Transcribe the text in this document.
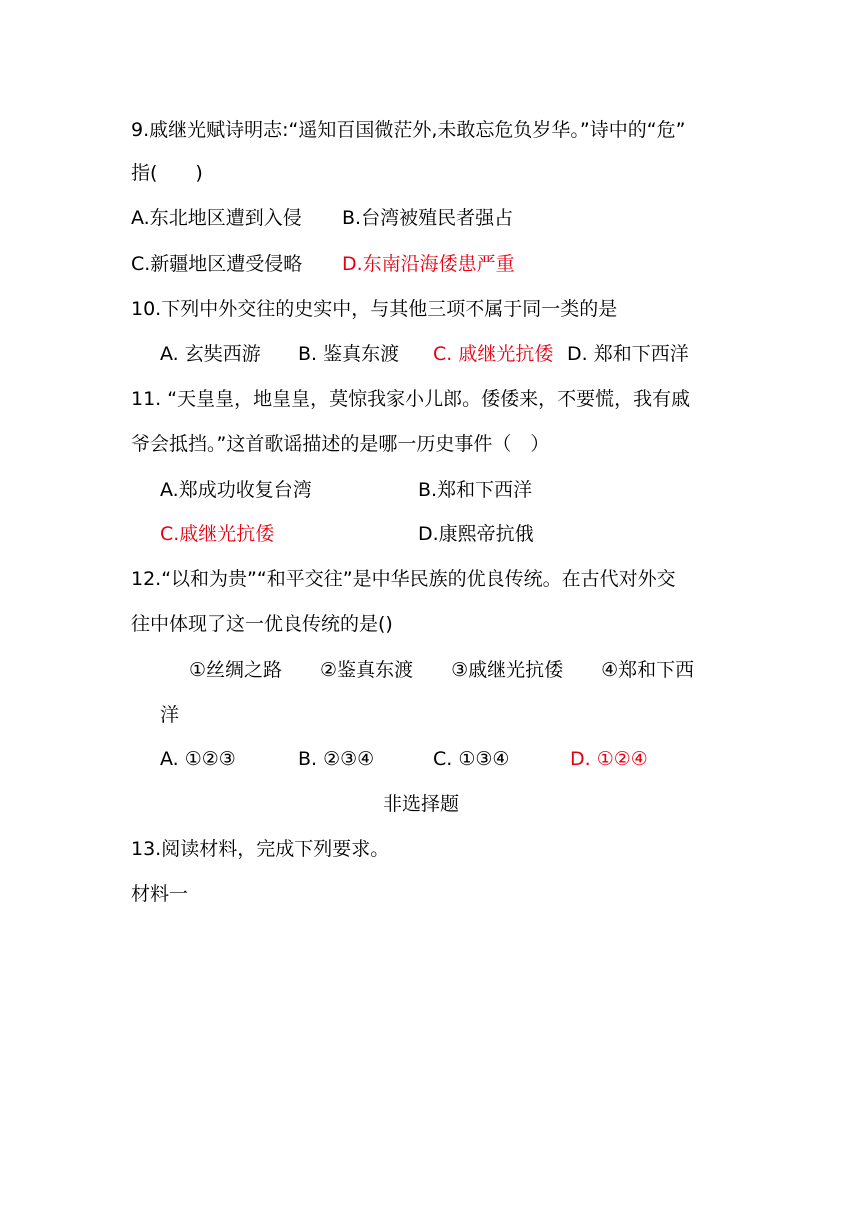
9.戚继光赋诗明志:“遥知百国微茫外,未敢忘危负岁华。”诗中的“危”
指(　　)
A.东北地区遭到入侵 B.台湾被殖民者强占
C.新疆地区遭受侵略 D.东南沿海倭患严重
10.下列中外交往的史实中，与其他三项不属于同一类的是
A. 玄奘西游 B. 鉴真东渡 C. 戚继光抗倭 D. 郑和下西洋
11. “天皇皇，地皇皇，莫惊我家小儿郎。倭倭来，不要慌，我有戚
爷会抵挡。”这首歌谣描述的是哪一历史事件（　）
A.郑成功收复台湾	B.郑和下西洋
C.戚继光抗倭	D.康熙帝抗俄
12.“以和为贵”“和平交往”是中华民族的优良传统。在古代对外交
往中体现了这一优良传统的是()
①丝绸之路　　②鉴真东渡　　③戚继光抗倭　　④郑和下西
洋
A. ①②③	B. ②③④	C. ①③④	D. ①②④
非选择题
13.阅读材料，完成下列要求。
材料一
